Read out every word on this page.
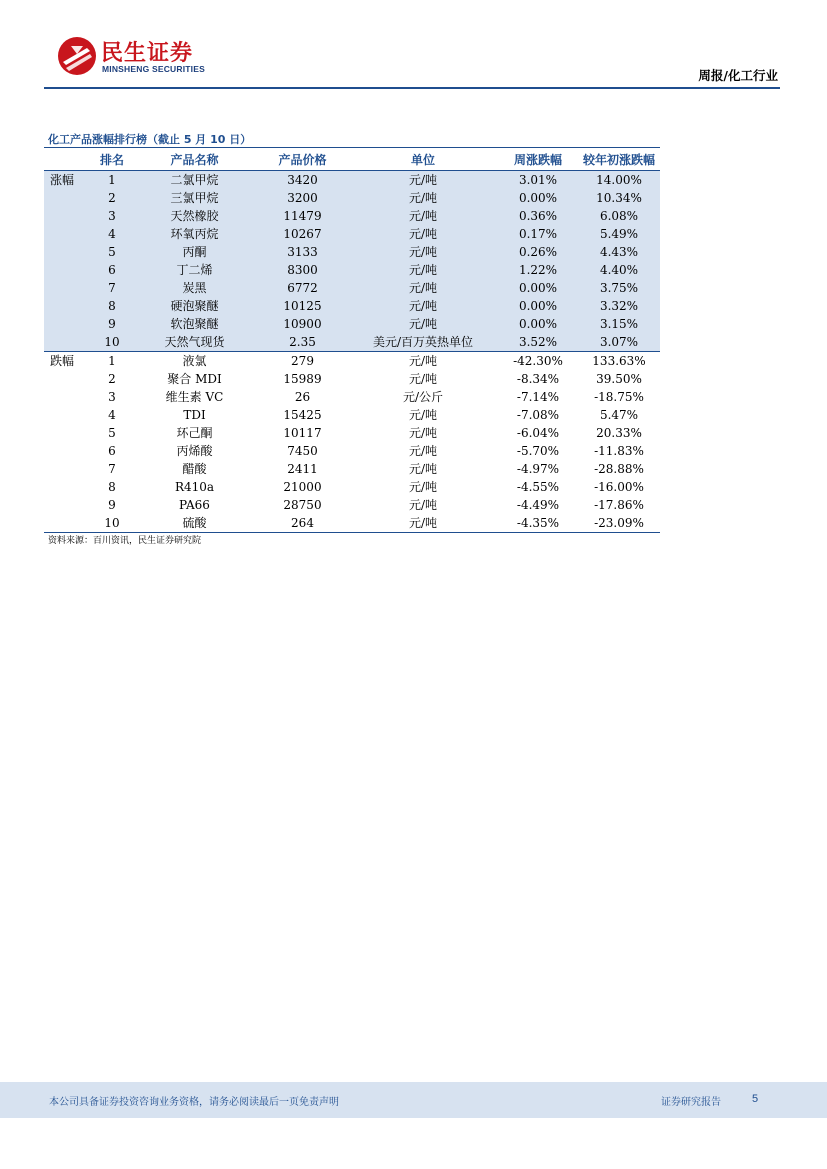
民生证券
MINSHENG SECURITIES	周报/化工行业
化工产品涨幅排行榜（截止 5 月 10 日）
	排名	产品名称	产品价格	单位	周涨跌幅	较年初涨跌幅
涨幅	1	二氯甲烷	3420	元/吨	3.01%	14.00%
	2	三氯甲烷	3200	元/吨	0.00%	10.34%
	3	天然橡胶	11479	元/吨	0.36%	6.08%
	4	环氧丙烷	10267	元/吨	0.17%	5.49%
	5	丙酮	3133	元/吨	0.26%	4.43%
	6	丁二烯	8300	元/吨	1.22%	4.40%
	7	炭黑	6772	元/吨	0.00%	3.75%
	8	硬泡聚醚	10125	元/吨	0.00%	3.32%
	9	软泡聚醚	10900	元/吨	0.00%	3.15%
	10	天然气现货	2.35	美元/百万英热单位	3.52%	3.07%
跌幅	1	液氯	279	元/吨	-42.30%	133.63%
	2	聚合 MDI	15989	元/吨	-8.34%	39.50%
	3	维生素 VC	26	元/公斤	-7.14%	-18.75%
	4	TDI	15425	元/吨	-7.08%	5.47%
	5	环己酮	10117	元/吨	-6.04%	20.33%
	6	丙烯酸	7450	元/吨	-5.70%	-11.83%
	7	醋酸	2411	元/吨	-4.97%	-28.88%
	8	R410a	21000	元/吨	-4.55%	-16.00%
	9	PA66	28750	元/吨	-4.49%	-17.86%
	10	硫酸	264	元/吨	-4.35%	-23.09%
资料来源：百川资讯，民生证券研究院
本公司具备证券投资咨询业务资格，请务必阅读最后一页免责声明	证券研究报告	5
